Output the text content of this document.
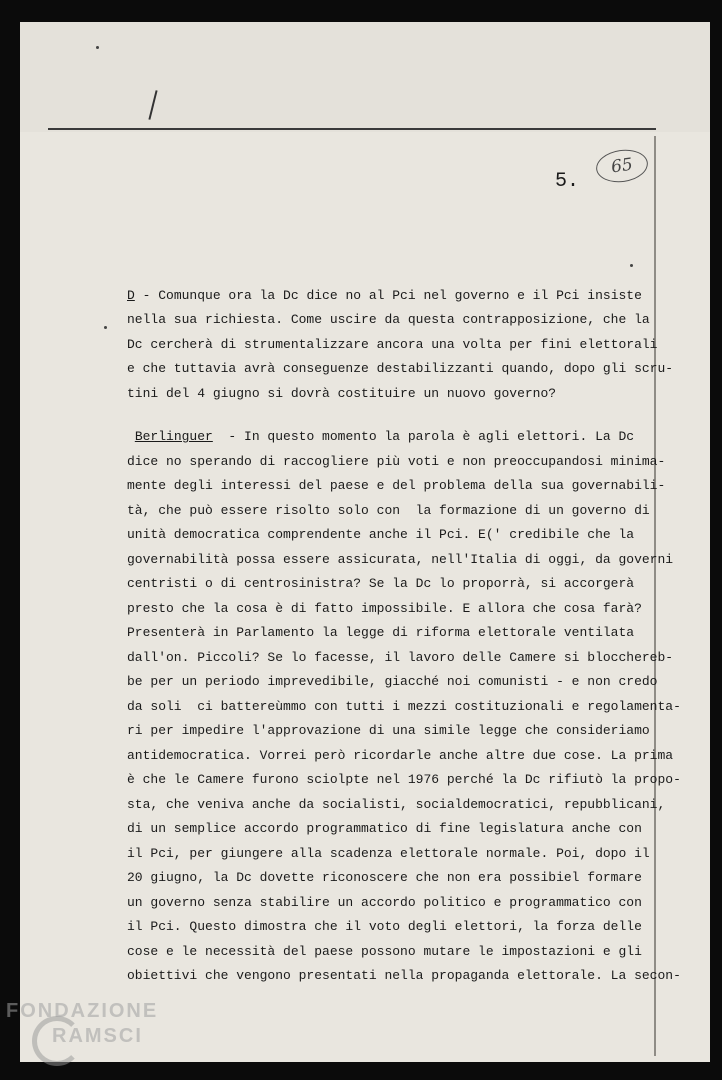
5.
65
D - Comunque ora la Dc dice no al Pci nel governo e il Pci insiste
nella sua richiesta. Come uscire da questa contrapposizione, che la
Dc cercherà di strumentalizzare ancora una volta per fini elettorali
e che tuttavia avrà conseguenze destabilizzanti quando, dopo gli scru-
tini del 4 giugno si dovrà costituire un nuovo governo?
Berlinguer  - In questo momento la parola è agli elettori. La Dc
dice no sperando di raccogliere più voti e non preoccupandosi minima-
mente degli interessi del paese e del problema della sua governabili-
tà, che può essere risolto solo con  la formazione di un governo di
unità democratica comprendente anche il Pci. E(' credibile che la
governabilità possa essere assicurata, nell'Italia di oggi, da governi
centristi o di centrosinistra? Se la Dc lo proporrà, si accorgerà
presto che la cosa è di fatto impossibile. E allora che cosa farà?
Presenterà in Parlamento la legge di riforma elettorale ventilata
dall'on. Piccoli? Se lo facesse, il lavoro delle Camere si bloccherеb-
be per un periodo imprevedibile, giacché noi comunisti - e non credo
da soli  ci battereùmmo con tutti i mezzi costituzionali e regolamenta-
ri per impedire l'approvazione di una simile legge che consideriamo
antidemocratica. Vorrei però ricordarle anche altre due cose. La prima
è che le Camere furono sciolpte nel 1976 perché la Dc rifiutò la propo-
sta, che veniva anche da socialisti, socialdemocratici, repubblicani,
di un semplice accordo programmatico di fine legislatura anche con
il Pci, per giungere alla scadenza elettorale normale. Poi, dopo il
20 giugno, la Dc dovette riconoscere che non era possibiel formare
un governo senza stabilire un accordo politico e programmatico con
il Pci. Questo dimostra che il voto degli elettori, la forza delle
cose e le necessità del paese possono mutare le impostazioni e gli
obiettivi che vengono presentati nella propaganda elettorale. La secon-
FONDAZIONE
RAMSCI
